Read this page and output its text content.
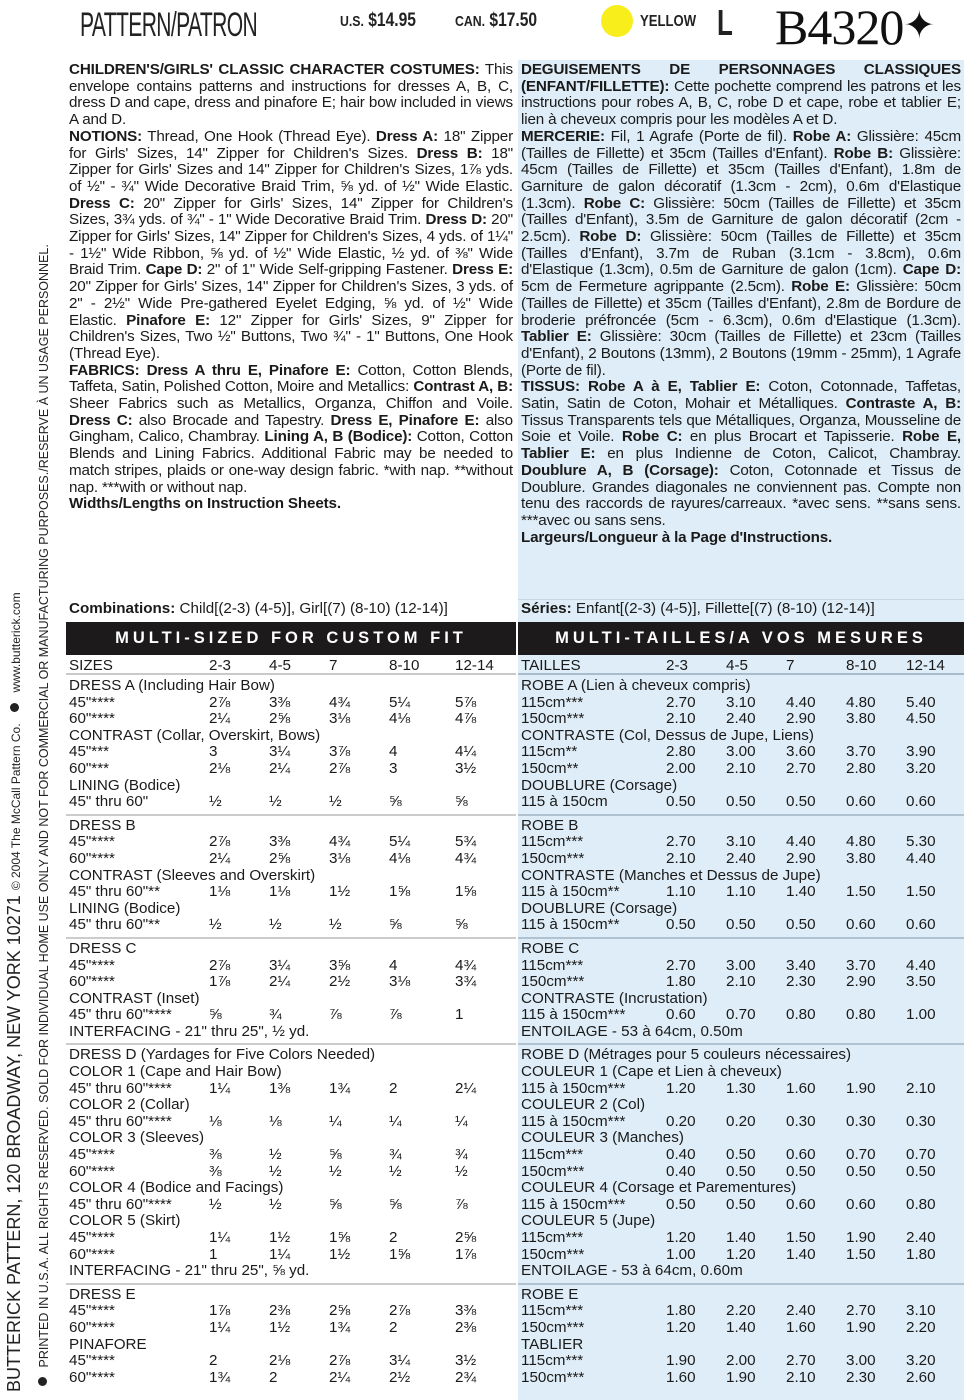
PATTERN/PATRON	U.S. $14.95	CAN. $17.50	YELLOW L B4320✦
BUTTERICK PATTERN, 120 BROADWAY, NEW YORK 10271 © 2004 The McCall Pattern Co.  www.butterick.com PRINTED IN U.S.A. ALL RIGHTS RESERVED. SOLD FOR INDIVIDUAL HOME USE ONLY AND NOT FOR COMMERCIAL OR MANUFACTURING PURPOSES./RESERVE À UN USAGE PERSONNEL.

CHILDREN'S/GIRLS' CLASSIC CHARACTER COSTUMES: This envelope contains patterns and instructions for dresses A, B, C, dress D and cape, dress and pinafore E; hair bow included in views A and D.

NOTIONS: Thread, One Hook (Thread Eye). Dress A: 18" Zipper for Girls' Sizes, 14" Zipper for Children's Sizes. Dress B: 18" Zipper for Girls' Sizes and 14" Zipper for Children's Sizes, 1⅞ yds. of ½" - ¾" Wide Decorative Braid Trim, ⅝ yd. of ½" Wide Elastic. Dress C: 20" Zipper for Girls' Sizes, 14" Zipper for Children's Sizes, 3¾ yds. of ¾" - 1" Wide Decorative Braid Trim. Dress D: 20" Zipper for Girls' Sizes, 14" Zipper for Children's Sizes, 4 yds. of 1¼" - 1½" Wide Ribbon, ⅝ yd. of ½" Wide Elastic, ½ yd. of ⅜" Wide Braid Trim. Cape D: 2" of 1" Wide Self-gripping Fastener. Dress E: 20" Zipper for Girls' Sizes, 14" Zipper for Children's Sizes, 3 yds. of 2" - 2½" Wide Pre-gathered Eyelet Edging, ⅝ yd. of ½" Wide Elastic. Pinafore E: 12" Zipper for Girls' Sizes, 9" Zipper for Children's Sizes, Two ½" Buttons, Two ¾" - 1" Buttons, One Hook (Thread Eye).

FABRICS: Dress A thru E, Pinafore E: Cotton, Cotton Blends, Taffeta, Satin, Polished Cotton, Moire and Metallics: Contrast A, B: Sheer Fabrics such as Metallics, Organza, Chiffon and Voile. Dress C: also Brocade and Tapestry. Dress E, Pinafore E: also Gingham, Calico, Chambray. Lining A, B (Bodice): Cotton, Cotton Blends and Lining Fabrics. Additional Fabric may be needed to match stripes, plaids or one-way design fabric. *with nap. **without nap. ***with or without nap.

Widths/Lengths on Instruction Sheets.

Combinations: Child[(2-3) (4-5)], Girl[(7) (8-10) (12-14)]
MULTI-SIZED FOR CUSTOM FIT
SIZES	2-3	4-5	7	8-10 12-14
DRESS A (Including Hair Bow)
45"****	2⅞	3⅜	4¾	5¼	5⅞
60"****	2¼	2⅝	3⅛	4⅛	4⅞
CONTRAST (Collar, Overskirt, Bows)
45"***	3	3¼	3⅞	4	4¼
60"***	2⅛	2¼	2⅞	3	3½
LINING (Bodice)
45" thru 60"	½	½	½	⅝	⅝
DRESS B
45"****	2⅞	3⅜	4¾	5¼	5¾
60"****	2¼	2⅝	3⅛	4⅛	4¾
CONTRAST (Sleeves and Overskirt)
45" thru 60"**	1⅛	1⅛	1½	1⅝	1⅝
LINING (Bodice)
45" thru 60"**	½	½	½	⅝	⅝
DRESS C
45"****	2⅞	3¼	3⅝	4	4¾
60"****	1⅞	2¼	2½	3⅛	3¾
CONTRAST (Inset)
45" thru 60"**** ⅝	¾	⅞	⅞	1
INTERFACING - 21" thru 25", ½ yd.
DRESS D (Yardages for Five Colors Needed)
COLOR 1 (Cape and Hair Bow)
45" thru 60"**** 1¼	1⅜	1¾	2	2¼
COLOR 2 (Collar)
45" thru 60"**** ⅛	⅛	¼	¼	¼
COLOR 3 (Sleeves)
45"****	⅜	½	⅝	¾	¾
60"****	⅜	½	½	½	½
COLOR 4 (Bodice and Facings)
45" thru 60"**** ½	½	⅝	⅝	⅞
COLOR 5 (Skirt)
45"****	1¼	1½	1⅝	2	2⅝
60"****	1	1¼	1½	1⅝	1⅞
INTERFACING - 21" thru 25", ⅝ yd.
DRESS E
45"****	1⅞	2⅜	2⅝	2⅞	3⅜
60"****	1¼	1½	1¾	2	2⅜
PINAFORE
45"****	2	2⅛	2⅞	3¼	3½
60"****	1¾	2	2¼	2½	2¾

DEGUISEMENTS DE PERSONNAGES CLASSIQUES (ENFANT/FILLETTE): Cette pochette comprend les patrons et les instructions pour robes A, B, C, robe D et cape, robe et tablier E; lien à cheveux compris pour les modèles A et D.

MERCERIE: Fil, 1 Agrafe (Porte de fil). Robe A: Glissière: 45cm (Tailles de Fillette) et 35cm (Tailles d'Enfant). Robe B: Glissière: 45cm (Tailles de Fillette) et 35cm (Tailles d'Enfant), 1.8m de Garniture de galon décoratif (1.3cm - 2cm), 0.6m d'Elastique (1.3cm). Robe C: Glissière: 50cm (Tailles de Fillette) et 35cm (Tailles d'Enfant), 3.5m de Garniture de galon décoratif (2cm - 2.5cm). Robe D: Glissière: 50cm (Tailles de Fillette) et 35cm (Tailles d'Enfant), 3.7m de Ruban (3.1cm - 3.8cm), 0.6m d'Elastique (1.3cm), 0.5m de Garniture de galon (1cm). Cape D: 5cm de Fermeture agrippante (2.5cm). Robe E: Glissière: 50cm (Tailles de Fillette) et 35cm (Tailles d'Enfant), 2.8m de Bordure de broderie préfroncée (5cm - 6.3cm), 0.6m d'Elastique (1.3cm). Tablier E: Glissière: 30cm (Tailles de Fillette) et 23cm (Tailles d'Enfant), 2 Boutons (13mm), 2 Boutons (19mm - 25mm), 1 Agrafe (Porte de fil).

TISSUS: Robe A à E, Tablier E: Coton, Cotonnade, Taffetas, Satin, Satin de Coton, Mohair et Métalliques. Contraste A, B: Tissus Transparents tels que Métalliques, Organza, Mousseline de Soie et Voile. Robe C: en plus Brocart et Tapisserie. Robe E, Tablier E: en plus Indienne de Coton, Calicot, Chambray. Doublure A, B (Corsage): Coton, Cotonnade et Tissus de Doublure. Grandes diagonales ne conviennent pas. Compte non tenu des raccords de rayures/carreaux. *avec sens. **sans sens. ***avec ou sans sens.

Largeurs/Longueur à la Page d'Instructions.

Séries: Enfant[(2-3) (4-5)], Fillette[(7) (8-10) (12-14)]
MULTI-TAILLES/A VOS MESURES
TAILLES	2-3	4-5	7	8-10 12-14
ROBE A (Lien à cheveux compris)
115cm***	2.70 3.10 4.40 4.80 5.40
150cm***	2.10 2.40 2.90 3.80 4.50
CONTRASTE (Col, Dessus de Jupe, Liens)
115cm**	2.80 3.00 3.60 3.70 3.90
150cm**	2.00 2.10 2.70 2.80 3.20
DOUBLURE (Corsage)
115 à 150cm	0.50 0.50 0.50 0.60 0.60
ROBE B
115cm***	2.70 3.10 4.40 4.80 5.30
150cm***	2.10 2.40 2.90 3.80 4.40
CONTRASTE (Manches et Dessus de Jupe)
115 à 150cm**	1.10 1.10 1.40 1.50 1.50
DOUBLURE (Corsage)
115 à 150cm**	0.50 0.50 0.50 0.60 0.60
ROBE C
115cm***	2.70 3.00 3.40 3.70 4.40
150cm***	1.80 2.10 2.30 2.90 3.50
CONTRASTE (Incrustation)
115 à 150cm***	0.60 0.70 0.80 0.80 1.00
ENTOILAGE - 53 à 64cm, 0.50m
ROBE D (Métrages pour 5 couleurs nécessaires)
COULEUR 1 (Cape et Lien à cheveux)
115 à 150cm***	1.20 1.30 1.60 1.90 2.10
COULEUR 2 (Col)
115 à 150cm***	0.20 0.20 0.30 0.30 0.30
COULEUR 3 (Manches)
115cm***	0.40 0.50 0.60 0.70 0.70
150cm***	0.40 0.50 0.50 0.50 0.50
COULEUR 4 (Corsage et Parementures)
115 à 150cm***	0.50 0.50 0.60 0.60 0.80
COULEUR 5 (Jupe)
115cm***	1.20 1.40 1.50 1.90 2.40
150cm***	1.00 1.20 1.40 1.50 1.80
ENTOILAGE - 53 à 64cm, 0.60m
ROBE E
115cm***	1.80 2.20 2.40 2.70 3.10
150cm***	1.20 1.40 1.60 1.90 2.20
TABLIER
115cm***	1.90 2.00 2.70 3.00 3.20
150cm***	1.60 1.90 2.10 2.30 2.60
